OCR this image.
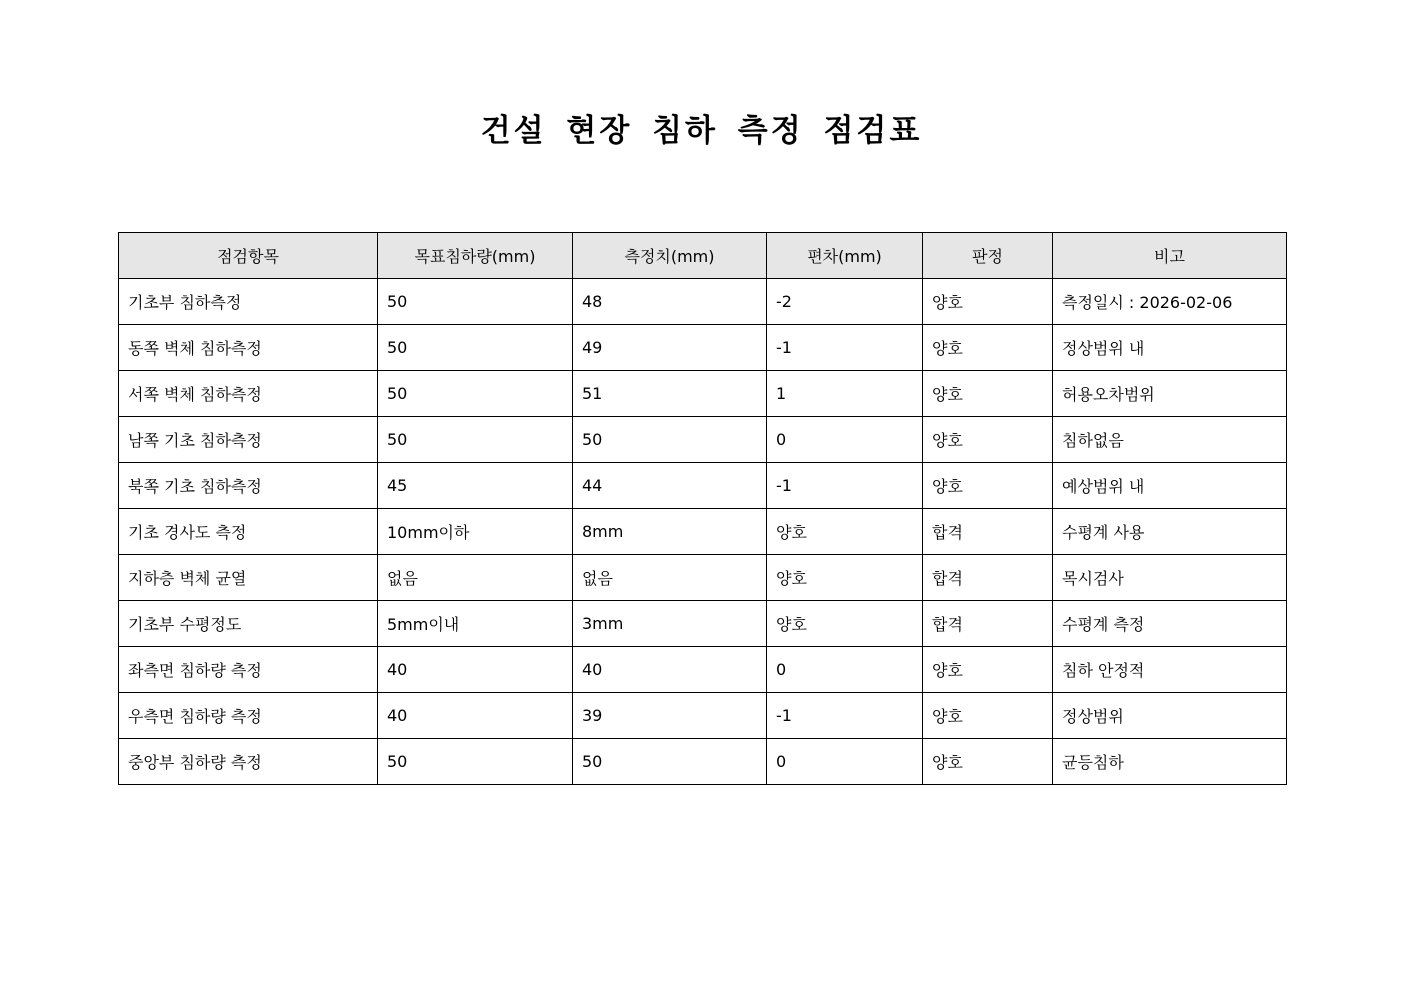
건설 현장 침하 측정 점검표
점검항목	목표침하량(mm)	측정치(mm)	편차(mm)	판정	비고
기초부 침하측정	50	48	-2	양호	측정일시 : 2026-02-06
동쪽 벽체 침하측정	50	49	-1	양호	정상범위 내
서쪽 벽체 침하측정	50	51	1	양호	허용오차범위
남쪽 기초 침하측정	50	50	0	양호	침하없음
북쪽 기초 침하측정	45	44	-1	양호	예상범위 내
기초 경사도 측정	10mm이하	8mm	양호	합격	수평계 사용
지하층 벽체 균열	없음	없음	양호	합격	목시검사
기초부 수평정도	5mm이내	3mm	양호	합격	수평계 측정
좌측면 침하량 측정	40	40	0	양호	침하 안정적
우측면 침하량 측정	40	39	-1	양호	정상범위
중앙부 침하량 측정	50	50	0	양호	균등침하
